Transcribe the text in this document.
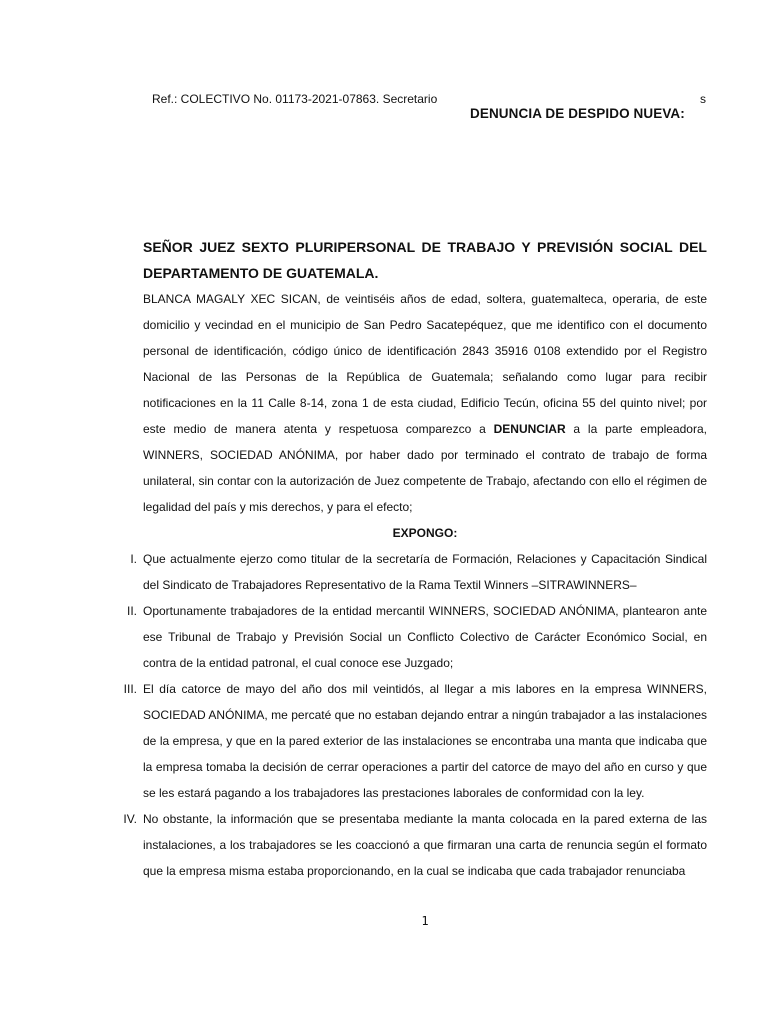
Ref.: COLECTIVO No. 01173-2021-07863. Secretario	s
DENUNCIA DE DESPIDO NUEVA:
SEÑOR JUEZ SEXTO PLURIPERSONAL DE TRABAJO Y PREVISIÓN SOCIAL DEL
DEPARTAMENTO DE GUATEMALA.

BLANCA MAGALY XEC SICAN, de veintiséis años de edad, soltera, guatemalteca, operaria, de este domicilio y vecindad en el municipio de San Pedro Sacatepéquez, que me identifico con el documento personal de identificación, código único de identificación 2843 35916 0108 extendido por el Registro Nacional de las Personas de la República de Guatemala; señalando como lugar para recibir notificaciones en la 11 Calle 8-14, zona 1 de esta ciudad, Edificio Tecún, oficina 55 del quinto nivel; por este medio de manera atenta y respetuosa comparezco a DENUNCIAR a la parte empleadora, WINNERS, SOCIEDAD ANÓNIMA, por haber dado por terminado el contrato de trabajo de forma unilateral, sin contar con la autorización de Juez competente de Trabajo, afectando con ello el régimen de legalidad del país y mis derechos, y para el efecto;

EXPONGO:
I. Que actualmente ejerzo como titular de la secretaría de Formación, Relaciones y Capacitación Sindical del Sindicato de Trabajadores Representativo de la Rama Textil Winners –SITRAWINNERS–
II. Oportunamente trabajadores de la entidad mercantil WINNERS, SOCIEDAD ANÓNIMA, plantearon ante ese Tribunal de Trabajo y Previsión Social un Conflicto Colectivo de Carácter Económico Social, en contra de la entidad patronal, el cual conoce ese Juzgado;
III. El día catorce de mayo del año dos mil veintidós, al llegar a mis labores en la empresa WINNERS, SOCIEDAD ANÓNIMA, me percaté que no estaban dejando entrar a ningún trabajador a las instalaciones de la empresa, y que en la pared exterior de las instalaciones se encontraba una manta que indicaba que la empresa tomaba la decisión de cerrar operaciones a partir del catorce de mayo del año en curso y que se les estará pagando a los trabajadores las prestaciones laborales de conformidad con la ley.
IV. No obstante, la información que se presentaba mediante la manta colocada en la pared externa de las instalaciones, a los trabajadores se les coaccionó a que firmaran una carta de renuncia según el formato que la empresa misma estaba proporcionando, en la cual se indicaba que cada trabajador renunciaba
1
